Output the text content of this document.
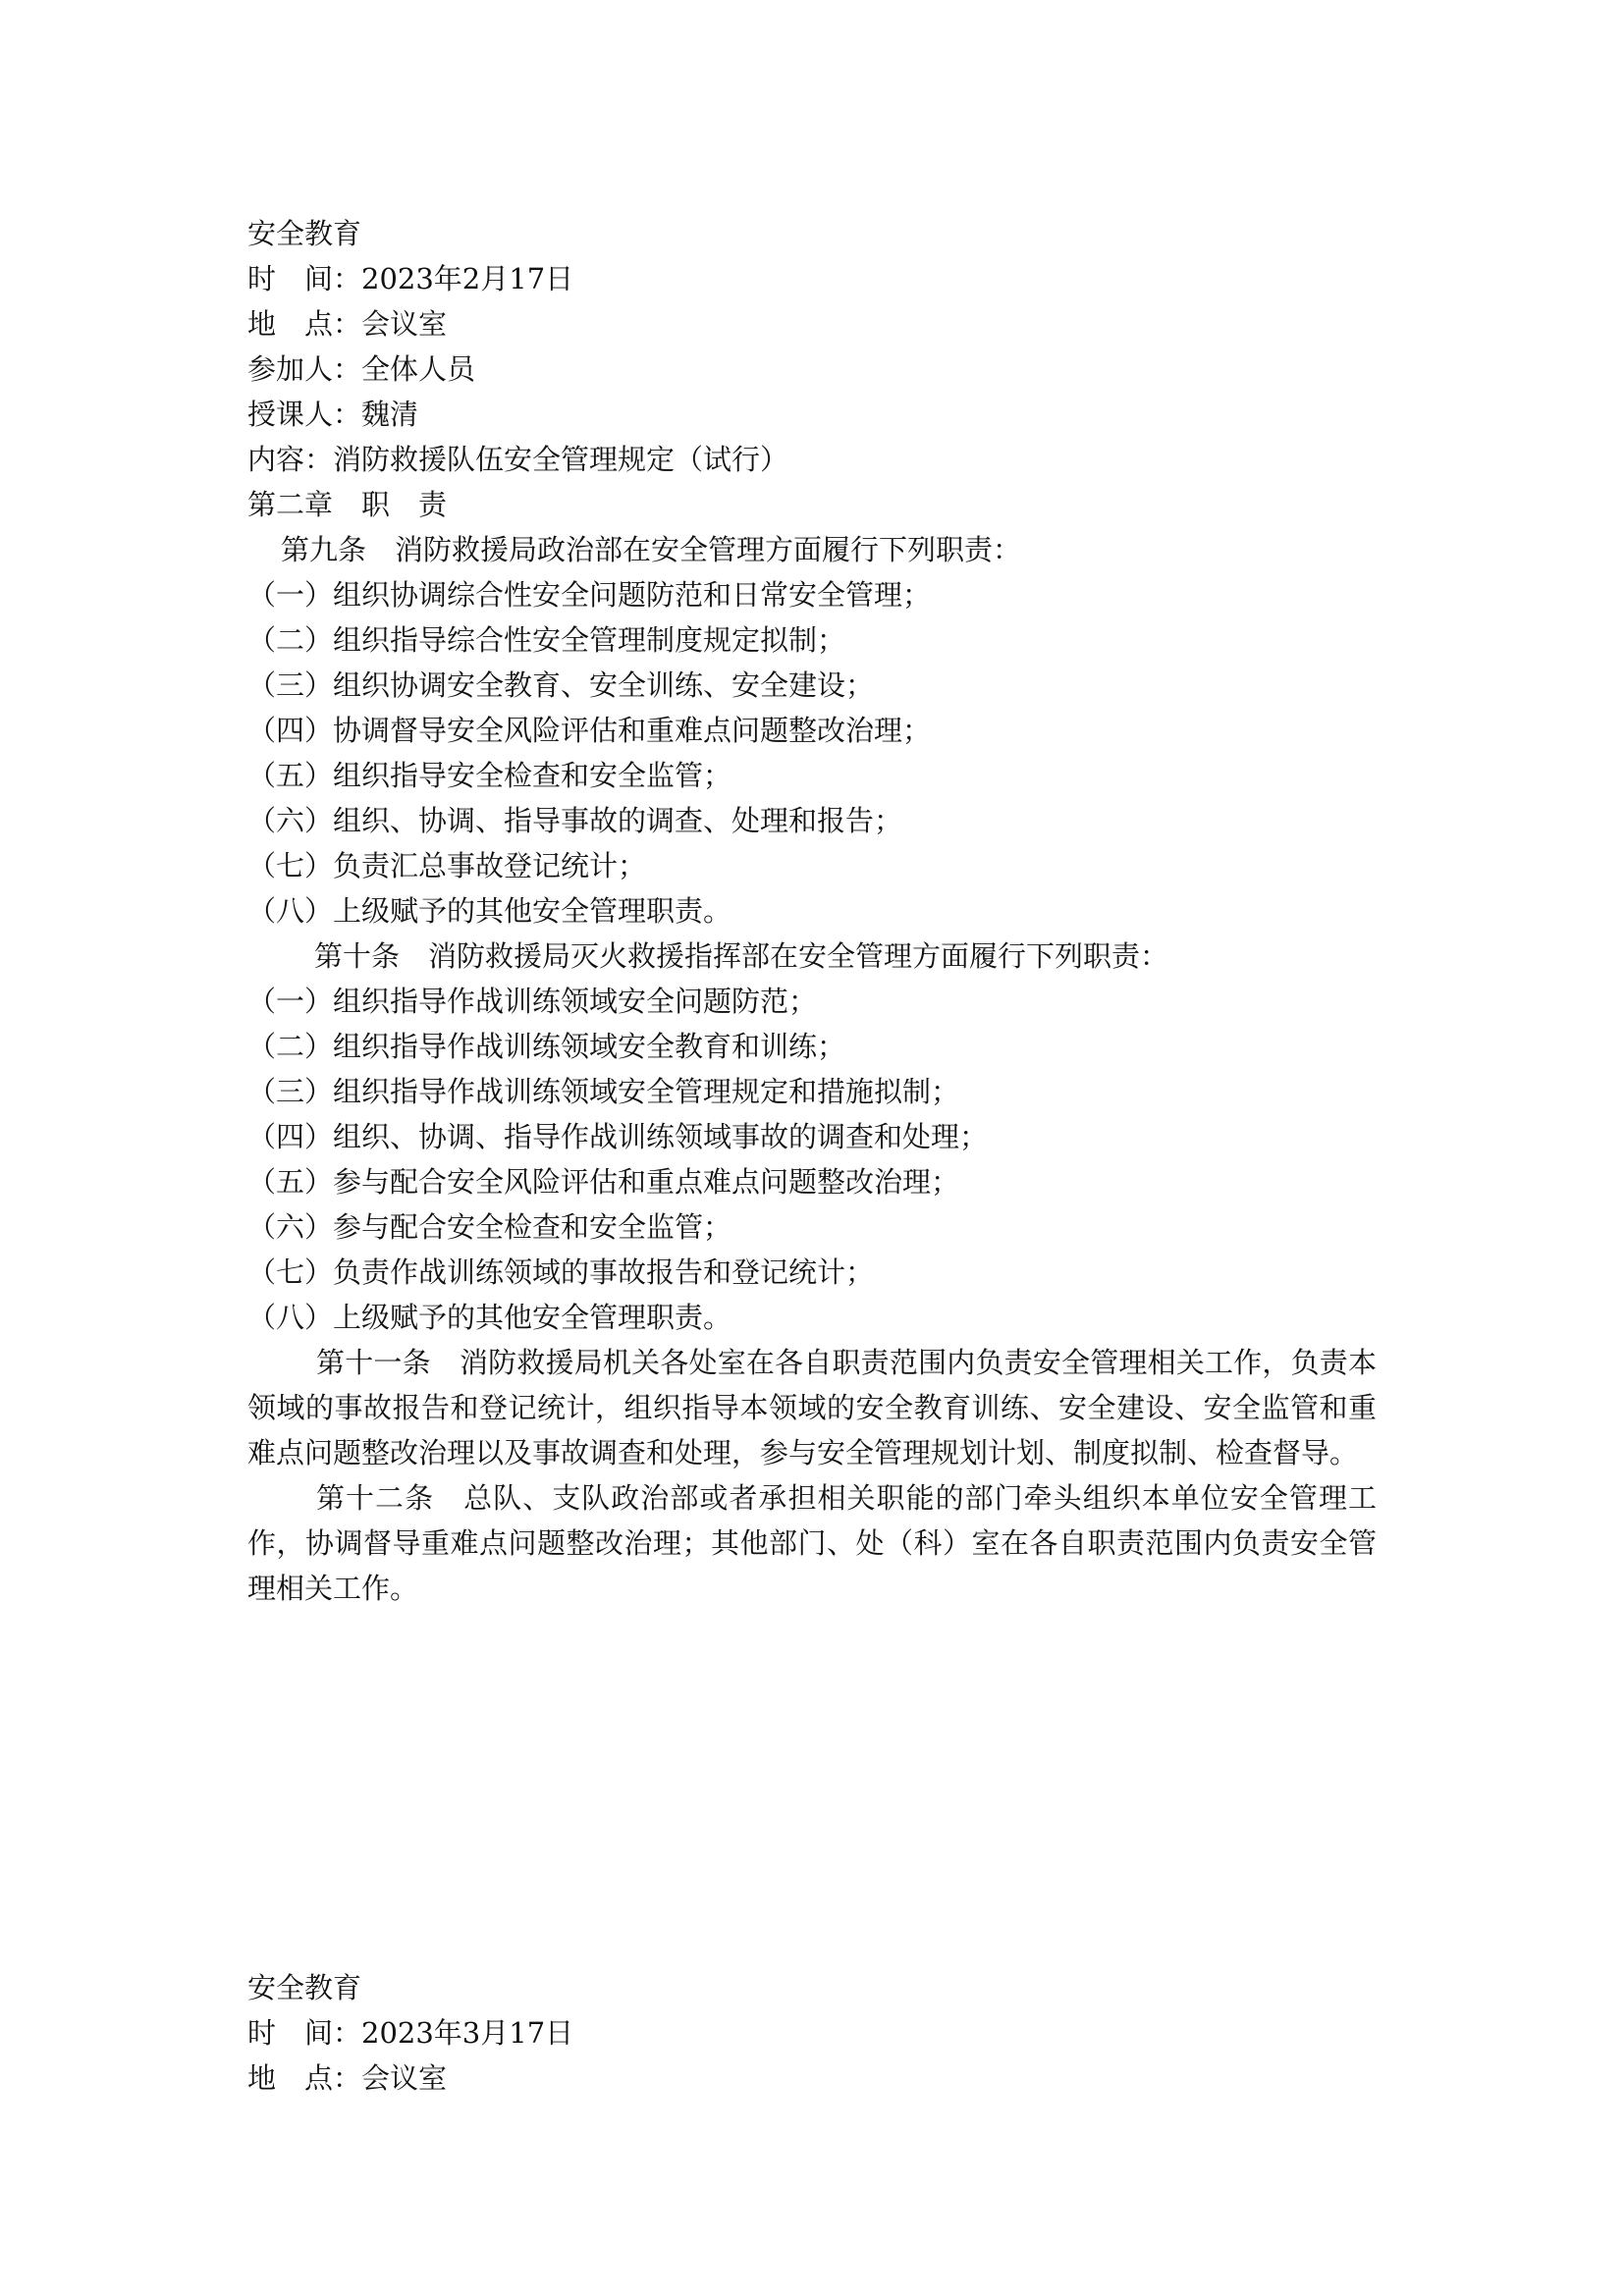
安全教育
时　间：2023年2月17日
地　点：会议室
参加人：全体人员
授课人：魏清
内容：消防救援队伍安全管理规定（试行）
第二章　职　责
第九条　消防救援局政治部在安全管理方面履行下列职责：
（一）组织协调综合性安全问题防范和日常安全管理；
（二）组织指导综合性安全管理制度规定拟制；
（三）组织协调安全教育、安全训练、安全建设；
（四）协调督导安全风险评估和重难点问题整改治理；
（五）组织指导安全检查和安全监管；
（六）组织、协调、指导事故的调查、处理和报告；
（七）负责汇总事故登记统计；
（八）上级赋予的其他安全管理职责。
第十条　消防救援局灭火救援指挥部在安全管理方面履行下列职责：
（一）组织指导作战训练领域安全问题防范；
（二）组织指导作战训练领域安全教育和训练；
（三）组织指导作战训练领域安全管理规定和措施拟制；
（四）组织、协调、指导作战训练领域事故的调查和处理；
（五）参与配合安全风险评估和重点难点问题整改治理；
（六）参与配合安全检查和安全监管；
（七）负责作战训练领域的事故报告和登记统计；
（八）上级赋予的其他安全管理职责。
第十一条　消防救援局机关各处室在各自职责范围内负责安全管理相关工作，负责本领域的事故报告和登记统计，组织指导本领域的安全教育训练、安全建设、安全监管和重难点问题整改治理以及事故调查和处理，参与安全管理规划计划、制度拟制、检查督导。
第十二条　总队、支队政治部或者承担相关职能的部门牵头组织本单位安全管理工作，协调督导重难点问题整改治理；其他部门、处（科）室在各自职责范围内负责安全管理相关工作。
安全教育
时　间：2023年3月17日
地　点：会议室
